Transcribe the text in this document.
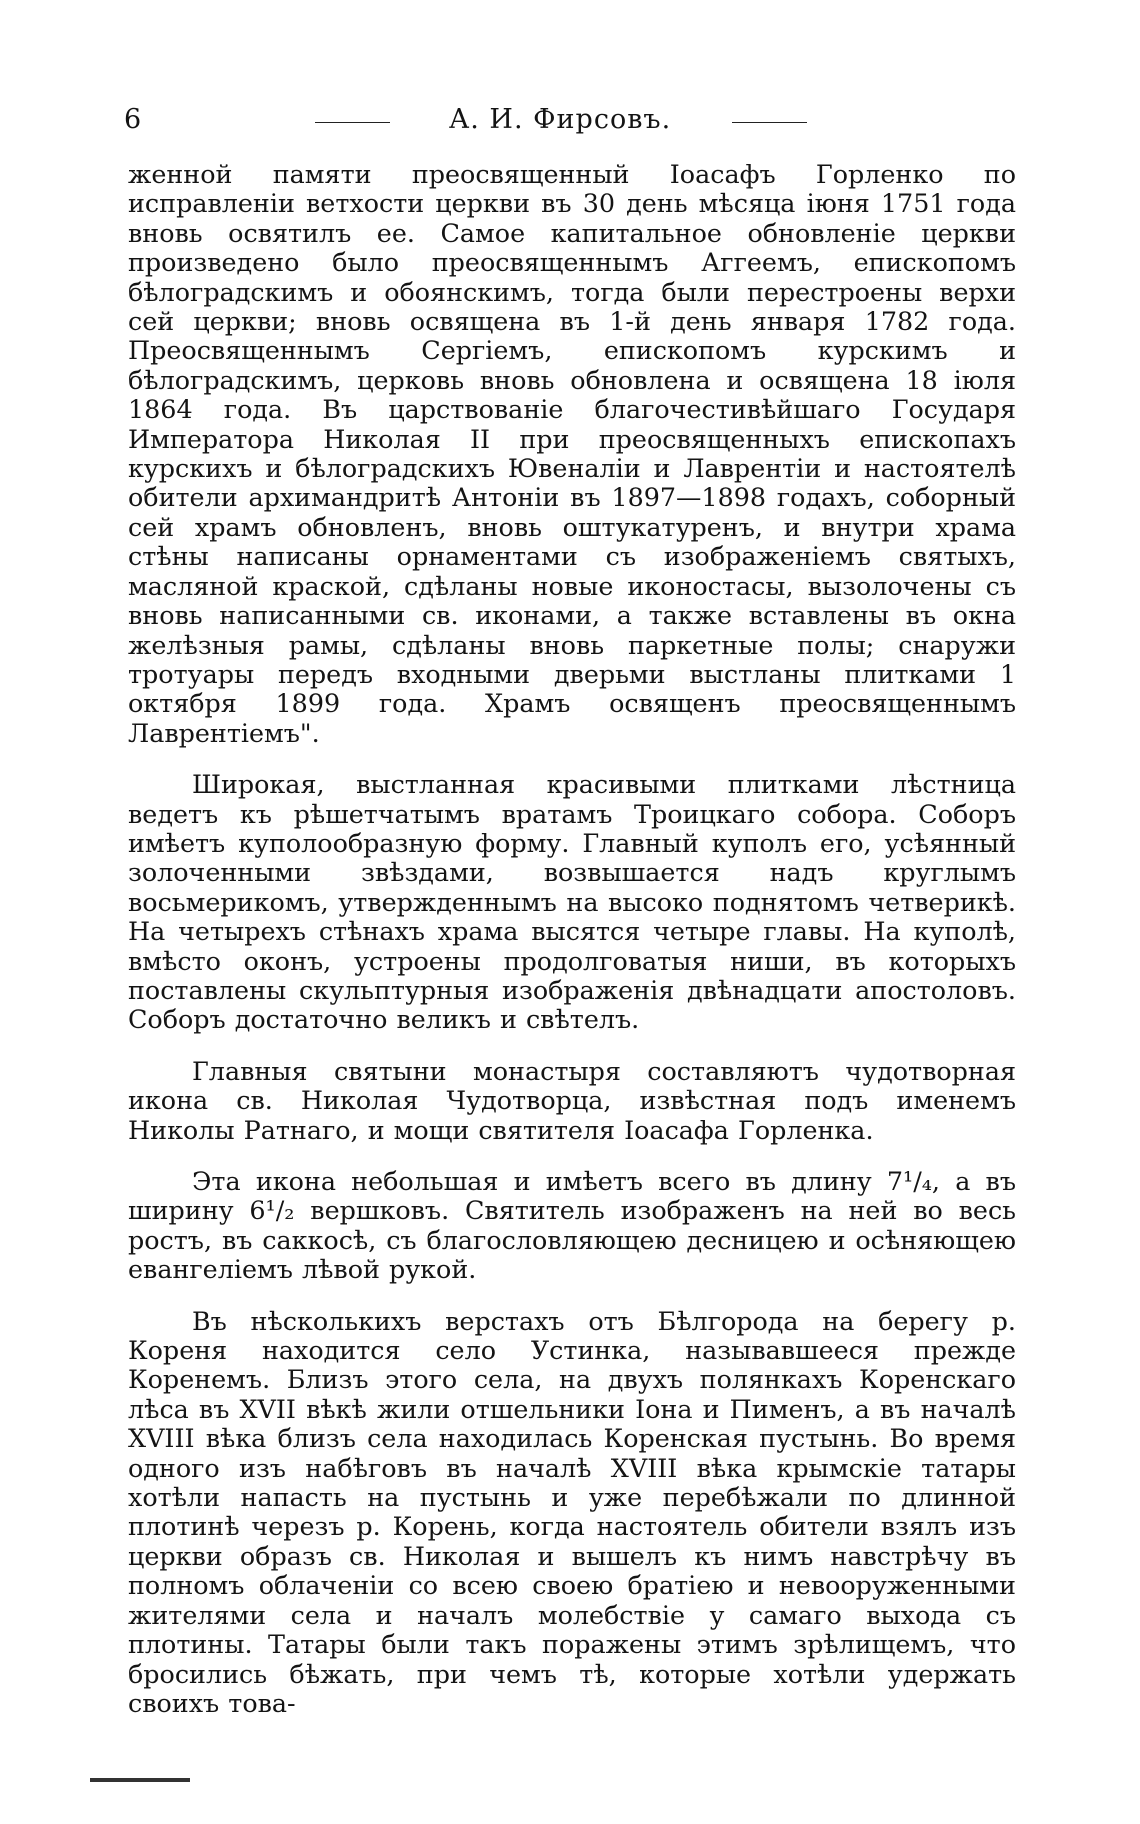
6	А. И. Фирсовъ.

женной памяти преосвященный Іоасафъ Горленко по исправленіи ветхости церкви въ 30 день мѣсяца іюня 1751 года вновь освятилъ ее. Самое капитальное обновленіе церкви произведено было преосвященнымъ Аггеемъ, епископомъ бѣлоградскимъ и обоянскимъ, тогда были перестроены верхи сей церкви; вновь освящена въ 1-й день января 1782 года. Преосвященнымъ Сергіемъ, епископомъ курскимъ и бѣлоградскимъ, церковь вновь обновлена и освящена 18 іюля 1864 года. Въ царствованіе благочестивѣйшаго Государя Императора Николая II при преосвященныхъ епископахъ курскихъ и бѣлоградскихъ Ювеналіи и Лаврентіи и настоятелѣ обители архимандритѣ Антоніи въ 1897—1898 годахъ, соборный сей храмъ обновленъ, вновь оштукатуренъ, и внутри храма стѣны написаны орнаментами съ изображеніемъ святыхъ, масляной краской, сдѣланы новые иконостасы, вызолочены съ вновь написанными св. иконами, а также вставлены въ окна желѣзныя рамы, сдѣланы вновь паркетные полы; снаружи тротуары передъ входными дверьми выстланы плитками 1 октября 1899 года. Храмъ освященъ преосвященнымъ Лаврентіемъ".

Широкая, выстланная красивыми плитками лѣстница ведетъ къ рѣшетчатымъ вратамъ Троицкаго собора. Соборъ имѣетъ куполообразную форму. Главный куполъ его, усѣянный золоченными звѣздами, возвышается надъ круглымъ восьмерикомъ, утвержденнымъ на высоко поднятомъ четверикѣ. На четырехъ стѣнахъ храма высятся четыре главы. На куполѣ, вмѣсто оконъ, устроены продолговатыя ниши, въ которыхъ поставлены скульптурныя изображенія двѣнадцати апостоловъ. Соборъ достаточно великъ и свѣтелъ.

Главныя святыни монастыря составляютъ чудотворная икона св. Николая Чудотворца, извѣстная подъ именемъ Николы Ратнаго, и мощи святителя Іоасафа Горленка.

Эта икона небольшая и имѣетъ всего въ длину 7¹/₄, а въ ширину 6¹/₂ вершковъ. Святитель изображенъ на ней во весь ростъ, въ саккосѣ, съ благословляющею десницею и осѣняющею евангеліемъ лѣвой рукой.

Въ нѣсколькихъ верстахъ отъ Бѣлгорода на берегу р. Кореня находится село Устинка, называвшееся прежде Коренемъ. Близъ этого села, на двухъ полянкахъ Коренскаго лѣса въ XVII вѣкѣ жили отшельники Іона и Пименъ, а въ началѣ XVIII вѣка близъ села находилась Коренская пустынь. Во время одного изъ набѣговъ въ началѣ XVIII вѣка крымскіе татары хотѣли напасть на пустынь и уже перебѣжали по длинной плотинѣ черезъ р. Корень, когда настоятель обители взялъ изъ церкви образъ св. Николая и вышелъ къ нимъ навстрѣчу въ полномъ облаченіи со всею своею братіею и невооруженными жителями села и началъ молебствіе у самаго выхода съ плотины. Татары были такъ поражены этимъ зрѣлищемъ, что бросились бѣжать, при чемъ тѣ, которые хотѣли удержать своихъ това-
